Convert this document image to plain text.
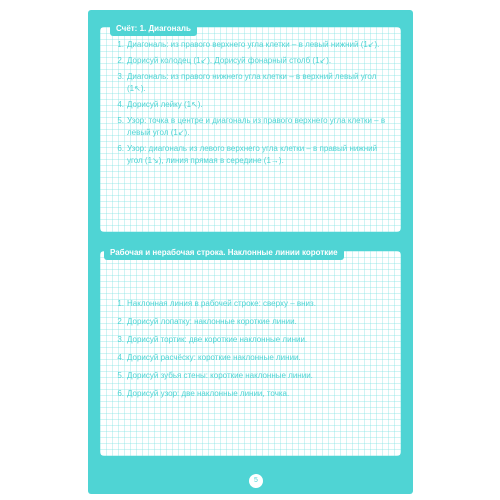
Счёт: 1. Диагональ
1. Диагональ: из правого верхнего угла клетки – в левый нижний (1↙).
2. Дорисуй колодец (1↙). Дорисуй фонарный столб (1↙).
3. Диагональ: из правого нижнего угла клетки – в верхний левый угол (1↖).
4. Дорисуй лейку (1↖).
5. Узор: точка в центре и диагональ из правого верхнего угла клетки – в левый угол (1↙).
6. Узор: диагональ из левого верхнего угла клетки – в правый нижний угол (1↘), линия прямая в середине (1→).
Рабочая и нерабочая строка. Наклонные линии короткие
1. Наклонная линия в рабочей строке: сверху – вниз.
2. Дорисуй лопатку: наклонные короткие линии.
3. Дорисуй тортик: две короткие наклонные линии.
4. Дорисуй расчёску: короткие наклонные линии.
5. Дорисуй зубья стены: короткие наклонные линии.
6. Дорисуй узор: две наклонные линии, точка.
5
